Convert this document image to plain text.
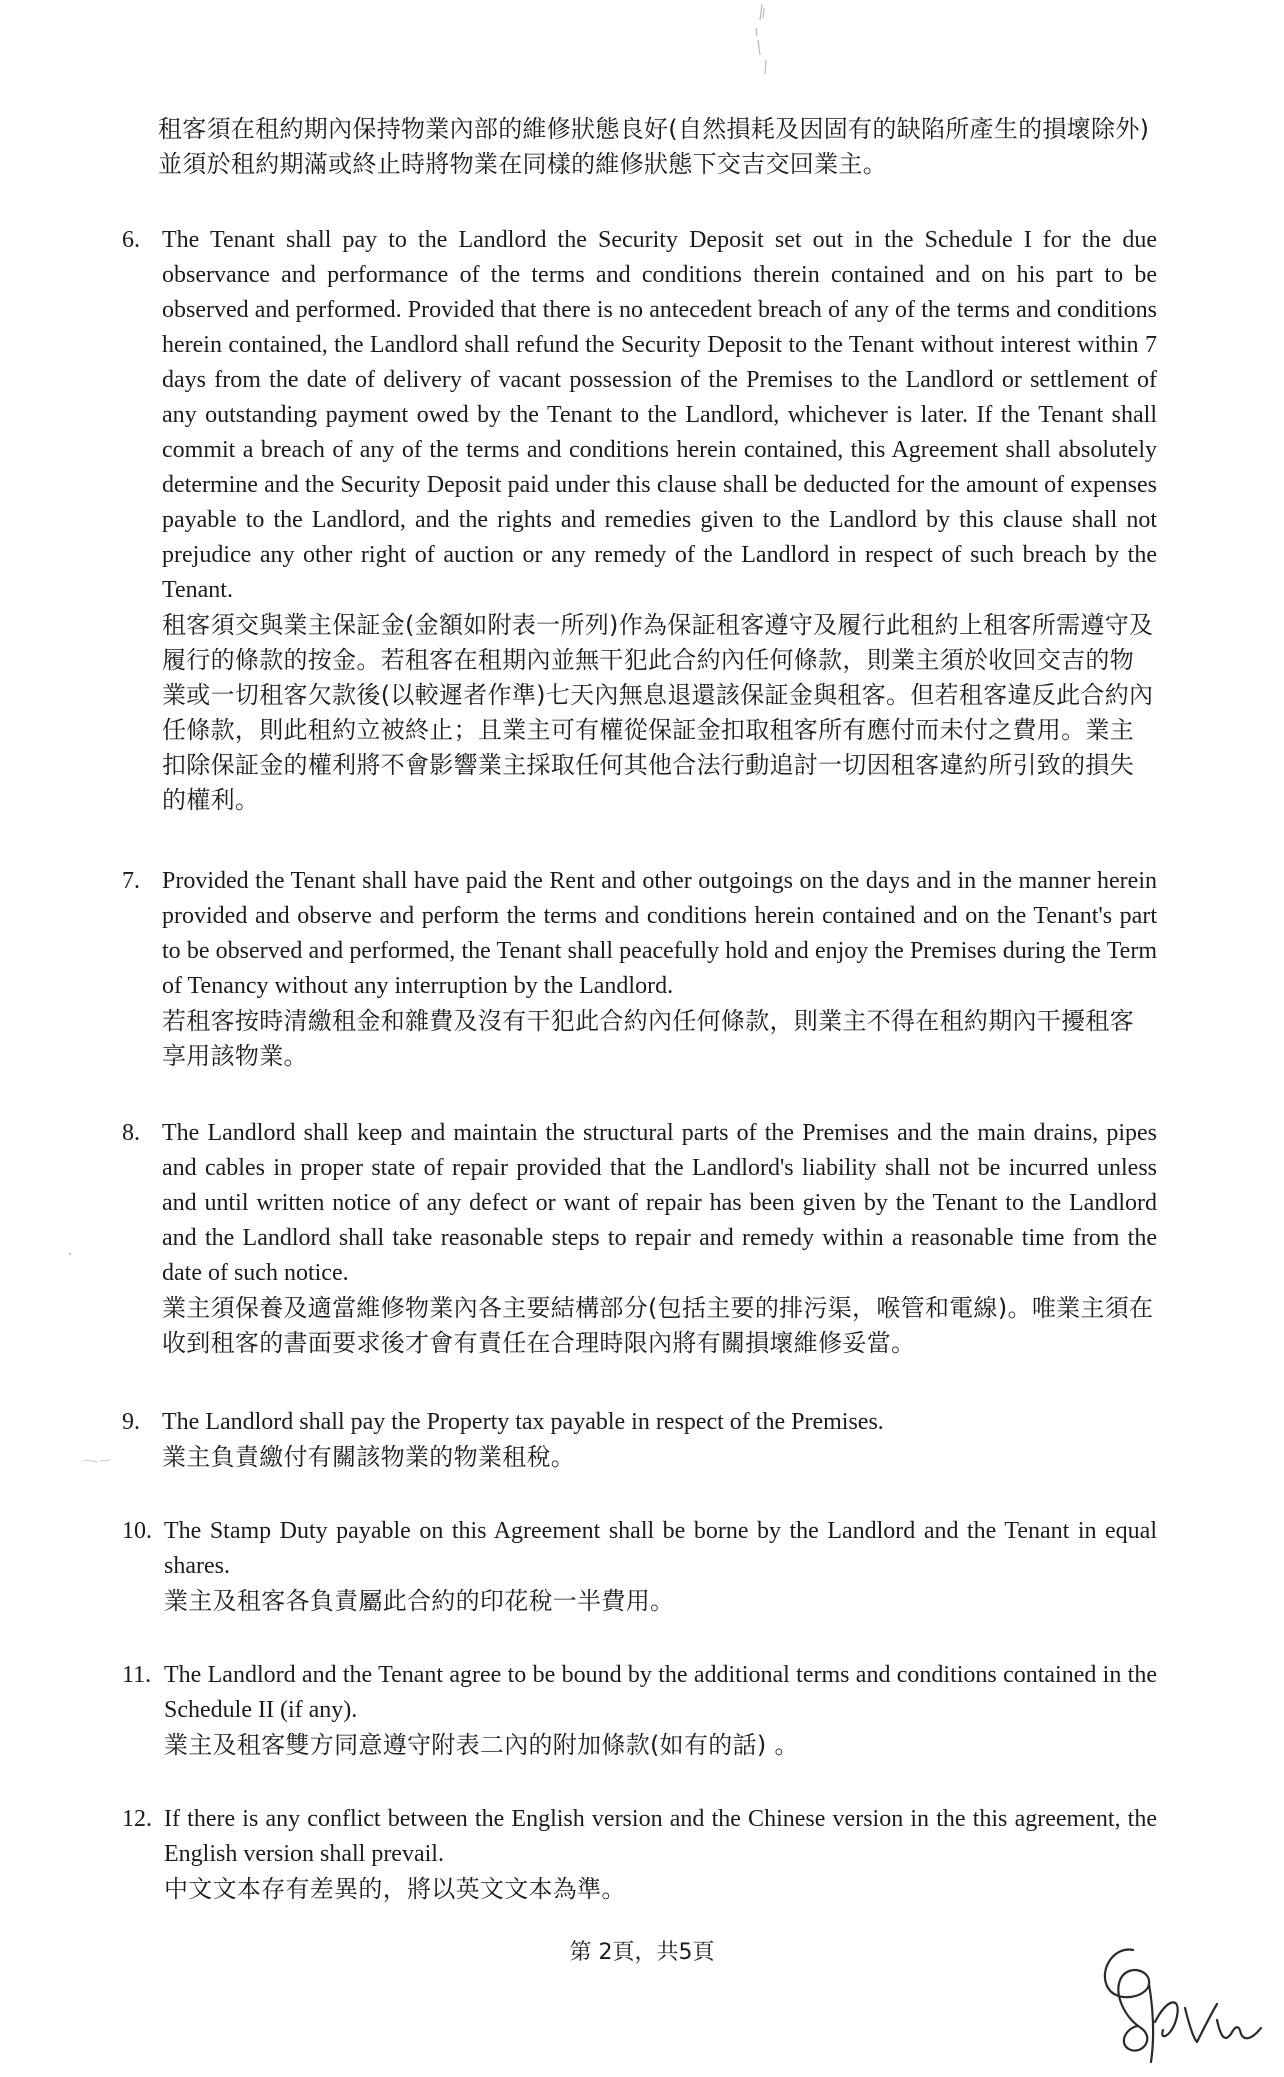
租客須在租約期內保持物業內部的維修狀態良好(自然損耗及因固有的缺陷所產生的損壞除外)並須於租約期滿或終止時將物業在同樣的維修狀態下交吉交回業主。
6. The Tenant shall pay to the Landlord the Security Deposit set out in the Schedule I for the due observance and performance of the terms and conditions therein contained and on his part to be observed and performed. Provided that there is no antecedent breach of any of the terms and conditions herein contained, the Landlord shall refund the Security Deposit to the Tenant without interest within 7 days from the date of delivery of vacant possession of the Premises to the Landlord or settlement of any outstanding payment owed by the Tenant to the Landlord, whichever is later. If the Tenant shall commit a breach of any of the terms and conditions herein contained, this Agreement shall absolutely determine and the Security Deposit paid under this clause shall be deducted for the amount of expenses payable to the Landlord, and the rights and remedies given to the Landlord by this clause shall not prejudice any other right of auction or any remedy of the Landlord in respect of such breach by the Tenant.
租客須交與業主保証金(金額如附表一所列)作為保証租客遵守及履行此租約上租客所需遵守及履行的條款的按金。若租客在租期內並無干犯此合約內任何條款，則業主須於收回交吉的物業或一切租客欠款後(以較遲者作準)七天內無息退還該保証金與租客。但若租客違反此合約內任條款，則此租約立被終止；且業主可有權從保証金扣取租客所有應付而未付之費用。業主扣除保証金的權利將不會影響業主採取任何其他合法行動追討一切因租客違約所引致的損失的權利。
7. Provided the Tenant shall have paid the Rent and other outgoings on the days and in the manner herein provided and observe and perform the terms and conditions herein contained and on the Tenant's part to be observed and performed, the Tenant shall peacefully hold and enjoy the Premises during the Term of Tenancy without any interruption by the Landlord.
若租客按時清繳租金和雜費及沒有干犯此合約內任何條款，則業主不得在租約期內干擾租客享用該物業。
8. The Landlord shall keep and maintain the structural parts of the Premises and the main drains, pipes and cables in proper state of repair provided that the Landlord's liability shall not be incurred unless and until written notice of any defect or want of repair has been given by the Tenant to the Landlord and the Landlord shall take reasonable steps to repair and remedy within a reasonable time from the date of such notice.
業主須保養及適當維修物業內各主要結構部分(包括主要的排污渠，喉管和電線)。唯業主須在收到租客的書面要求後才會有責任在合理時限內將有關損壞維修妥當。
9. The Landlord shall pay the Property tax payable in respect of the Premises.
業主負責繳付有關該物業的物業租稅。
10. The Stamp Duty payable on this Agreement shall be borne by the Landlord and the Tenant in equal shares.
業主及租客各負責屬此合約的印花稅一半費用。
11. The Landlord and the Tenant agree to be bound by the additional terms and conditions contained in the Schedule II (if any).
業主及租客雙方同意遵守附表二內的附加條款(如有的話) 。
12. If there is any conflict between the English version and the Chinese version in the this agreement, the English version shall prevail.
中文文本存有差異的，將以英文文本為準。
第 2頁，共5頁
